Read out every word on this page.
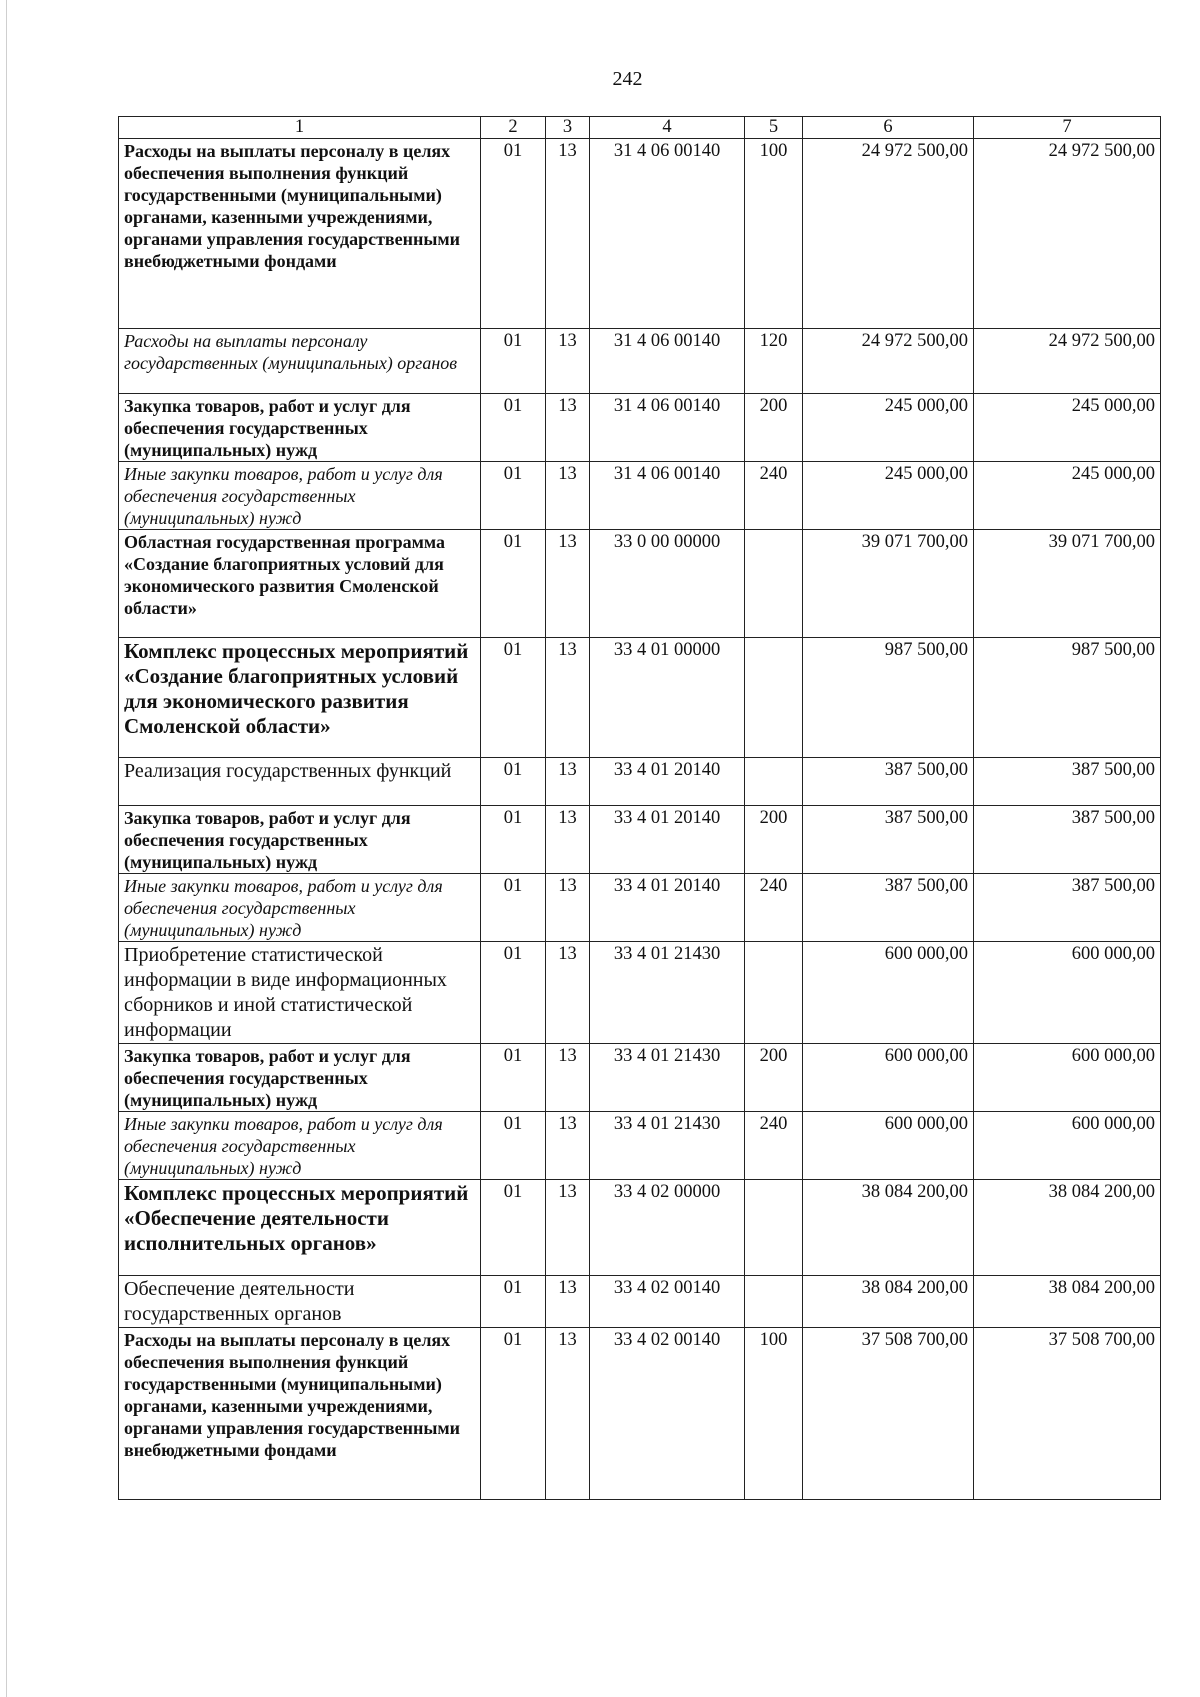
242
1	2	3	4	5	6	7
Расходы на выплаты персоналу в целях обеспечения выполнения функций государственными (муниципальными) органами, казенными учреждениями, органами управления государственными внебюджетными фондами	01	13	31 4 06 00140	100	24 972 500,00	24 972 500,00
Расходы на выплаты персоналу государственных (муниципальных) органов	01	13	31 4 06 00140	120	24 972 500,00	24 972 500,00
Закупка товаров, работ и услуг для обеспечения государственных (муниципальных) нужд	01	13	31 4 06 00140	200	245 000,00	245 000,00
Иные закупки товаров, работ и услуг для обеспечения государственных (муниципальных) нужд	01	13	31 4 06 00140	240	245 000,00	245 000,00
Областная государственная программа «Создание благоприятных условий для экономического развития Смоленской области»	01	13	33 0 00 00000		39 071 700,00	39 071 700,00
Комплекс процессных мероприятий «Создание благоприятных условий для экономического развития Смоленской области»	01	13	33 4 01 00000		987 500,00	987 500,00
Реализация государственных функций	01	13	33 4 01 20140		387 500,00	387 500,00
Закупка товаров, работ и услуг для обеспечения государственных (муниципальных) нужд	01	13	33 4 01 20140	200	387 500,00	387 500,00
Иные закупки товаров, работ и услуг для обеспечения государственных (муниципальных) нужд	01	13	33 4 01 20140	240	387 500,00	387 500,00
Приобретение статистической информации в виде информационных сборников и иной статистической информации	01	13	33 4 01 21430		600 000,00	600 000,00
Закупка товаров, работ и услуг для обеспечения государственных (муниципальных) нужд	01	13	33 4 01 21430	200	600 000,00	600 000,00
Иные закупки товаров, работ и услуг для обеспечения государственных (муниципальных) нужд	01	13	33 4 01 21430	240	600 000,00	600 000,00
Комплекс процессных мероприятий «Обеспечение деятельности исполнительных органов»	01	13	33 4 02 00000		38 084 200,00	38 084 200,00
Обеспечение деятельности государственных органов	01	13	33 4 02 00140		38 084 200,00	38 084 200,00
Расходы на выплаты персоналу в целях обеспечения выполнения функций государственными (муниципальными) органами, казенными учреждениями, органами управления государственными внебюджетными фондами	01	13	33 4 02 00140	100	37 508 700,00	37 508 700,00
